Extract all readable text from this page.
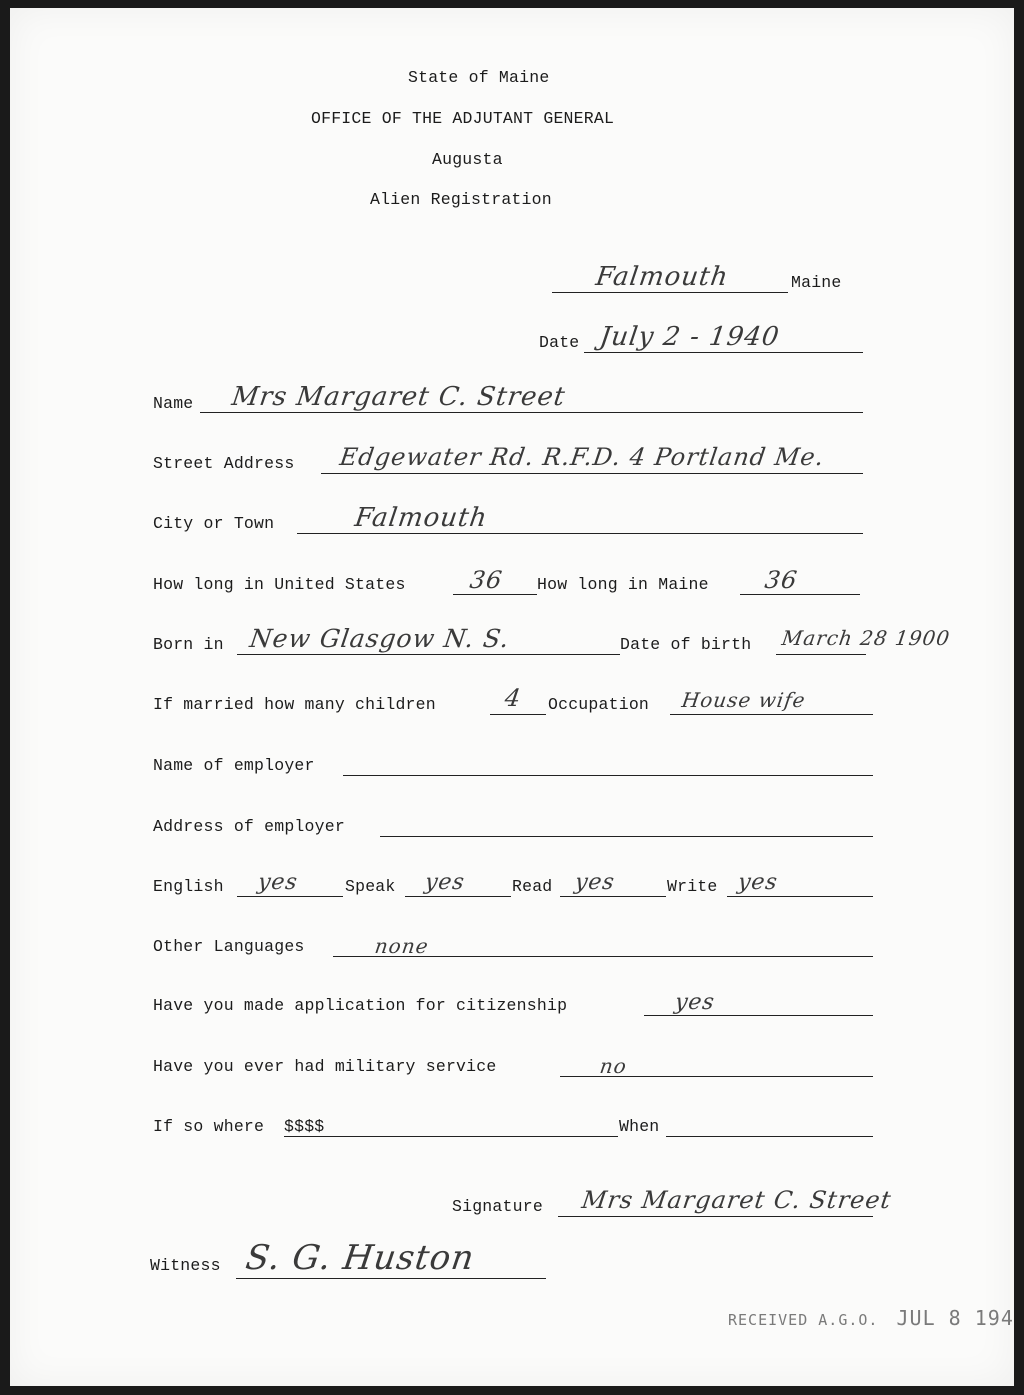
State of Maine
OFFICE OF THE ADJUTANT GENERAL
Augusta
Alien Registration
Falmouth	Maine
Date July 2 - 1940
Name Mrs Margaret C. Street
Street Address Edgewater Rd. R.F.D. 4 Portland Me.
City or Town	Falmouth
How long in United States	36 How long in Maine 36
Born in New Glasgow N. S.	Date of birth March 28 1900
If married how many children	4 Occupation House wife
Name of employer
Address of employer
English yes	Speak yes	Read yes	Write yes
Other Languages	none
Have you made application for citizenship	yes
Have you ever had military service	no
If so where $$$$	When
Signature Mrs Margaret C. Street
Witness S. G. Huston
RECEIVED A.G.O. JUL 8 194
